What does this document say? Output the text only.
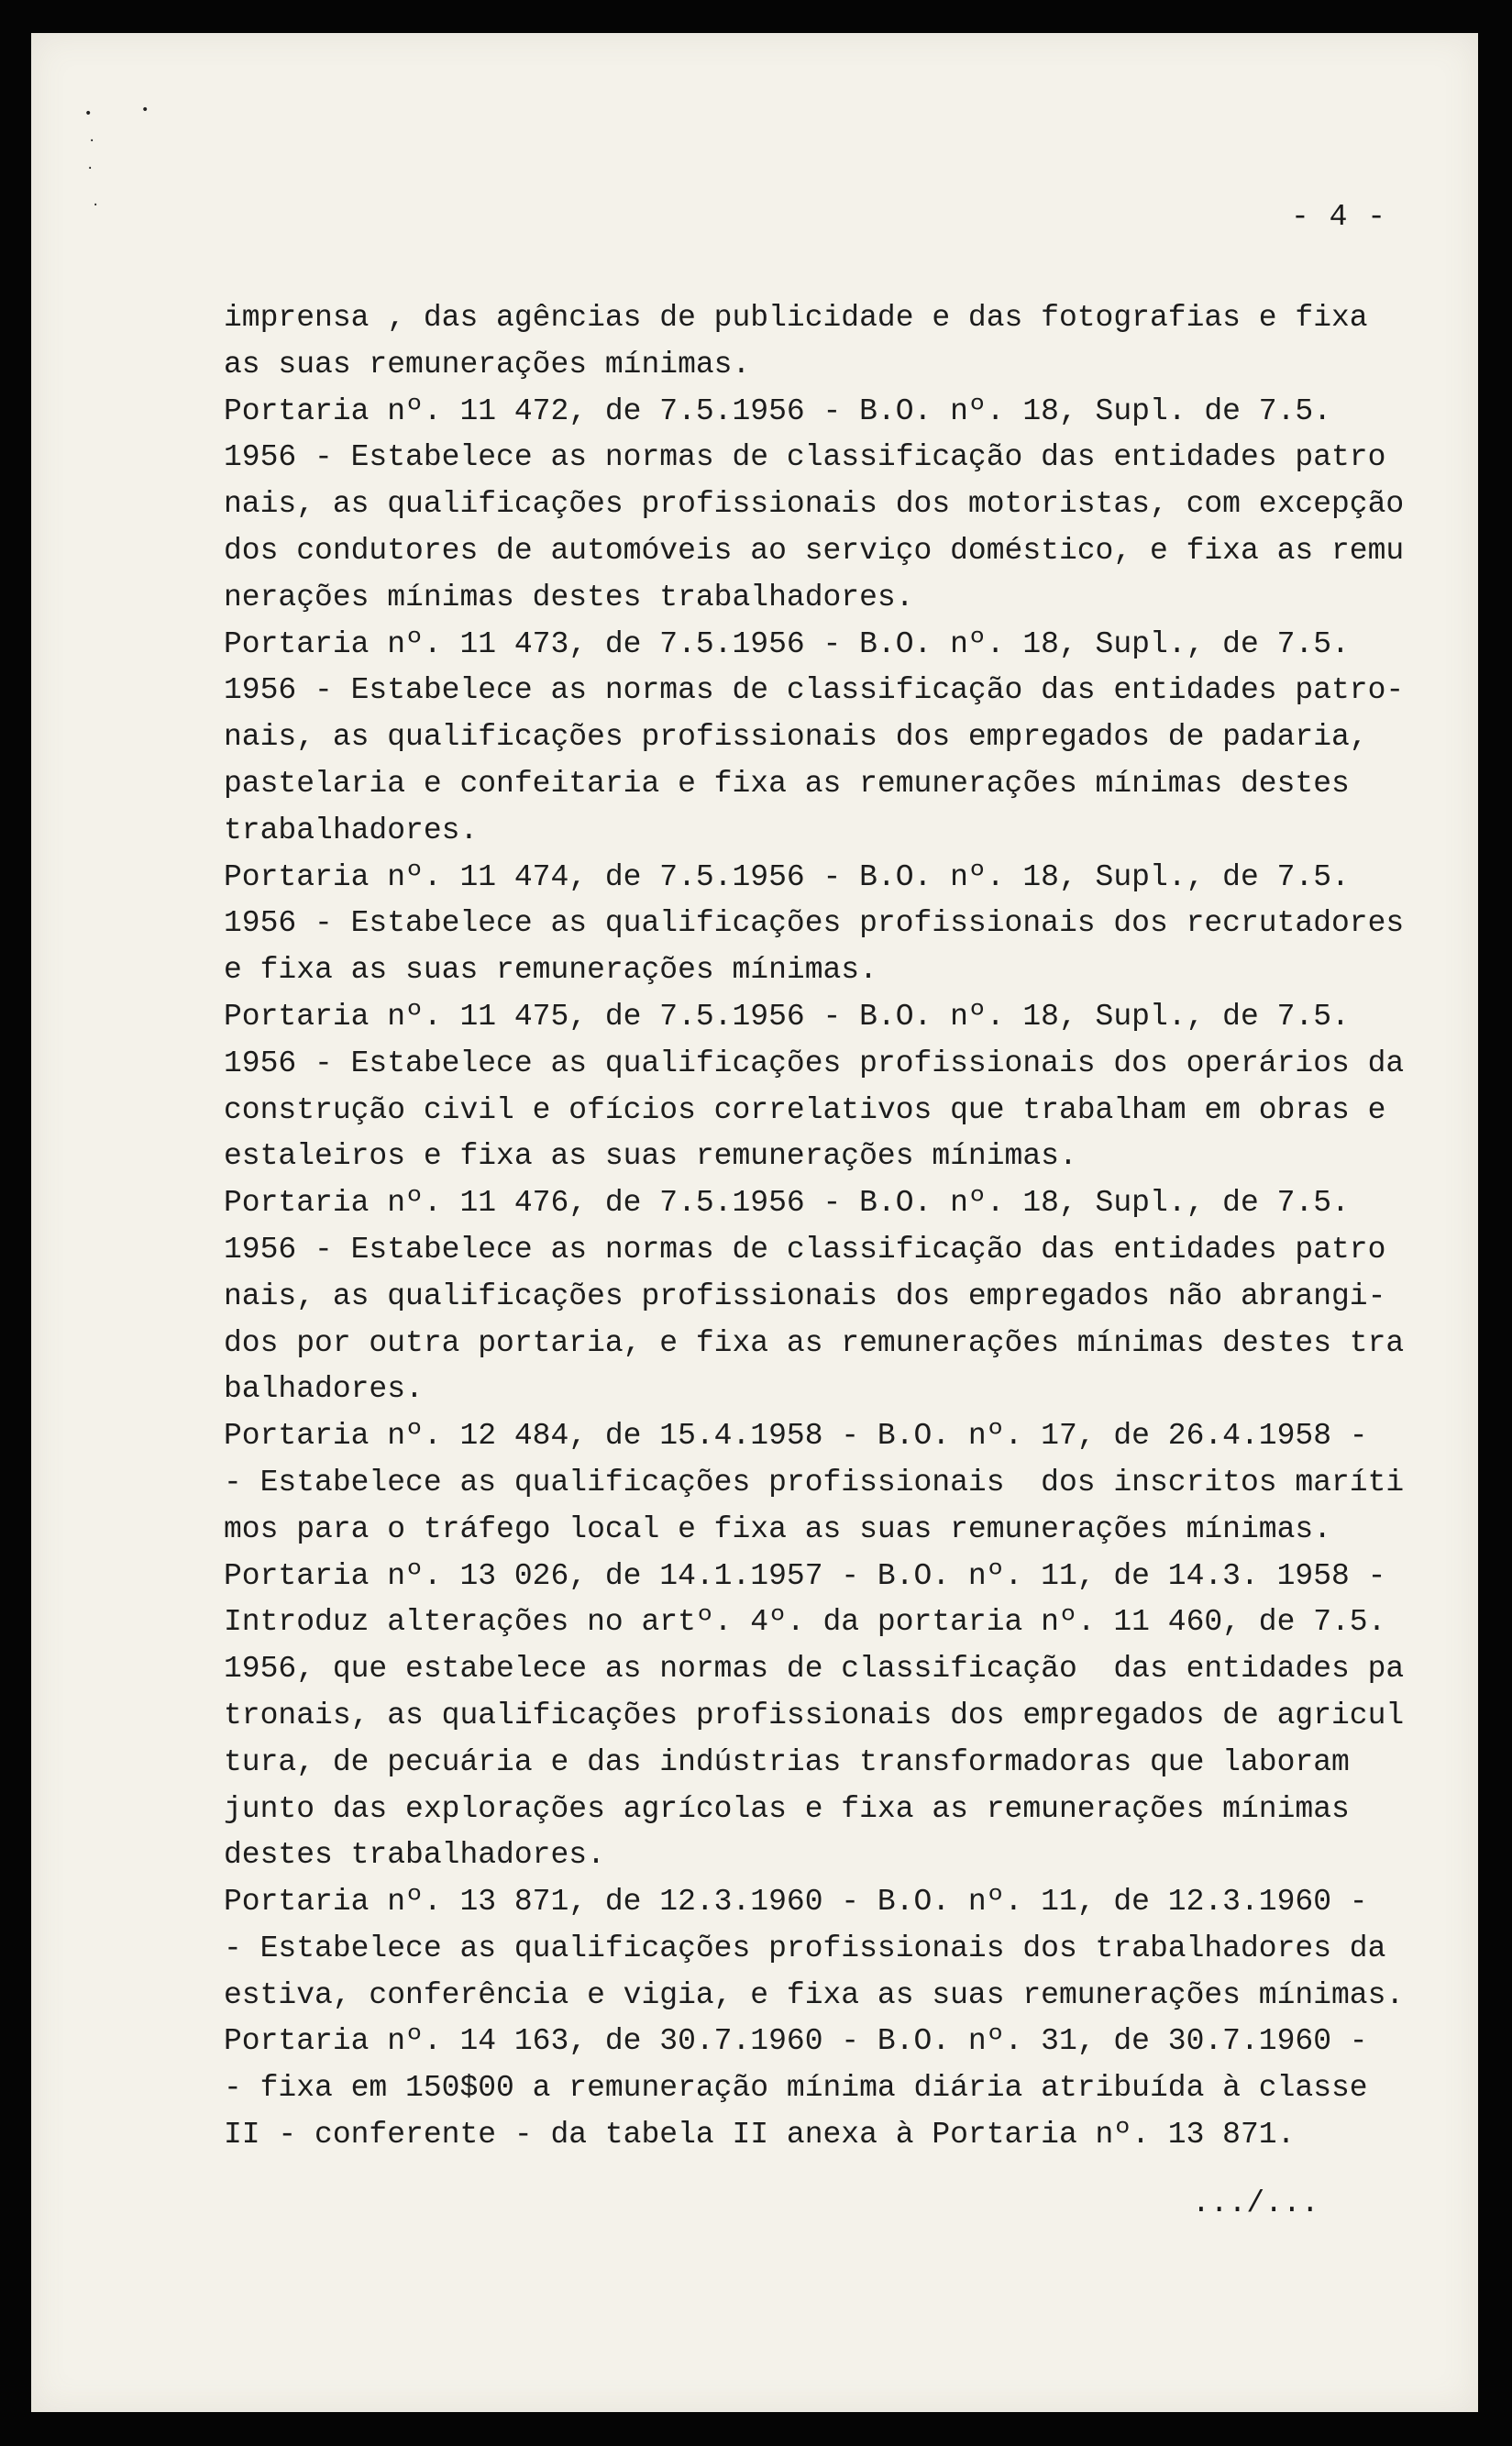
•	•
·
·
·	- 4 -
imprensa , das agências de publicidade e das fotografias e fixa
as suas remunerações mínimas.
Portaria nº. 11 472, de 7.5.1956 - B.O. nº. 18, Supl. de 7.5.
1956 - Estabelece as normas de classificação das entidades patro
nais, as qualificações profissionais dos motoristas, com excepção
dos condutores de automóveis ao serviço doméstico, e fixa as remu
nerações mínimas destes trabalhadores.
Portaria nº. 11 473, de 7.5.1956 - B.O. nº. 18, Supl., de 7.5.
1956 - Estabelece as normas de classificação das entidades patro-
nais, as qualificações profissionais dos empregados de padaria,
pastelaria e confeitaria e fixa as remunerações mínimas destes
trabalhadores.
Portaria nº. 11 474, de 7.5.1956 - B.O. nº. 18, Supl., de 7.5.
1956 - Estabelece as qualificações profissionais dos recrutadores
e fixa as suas remunerações mínimas.
Portaria nº. 11 475, de 7.5.1956 - B.O. nº. 18, Supl., de 7.5.
1956 - Estabelece as qualificações profissionais dos operários da
construção civil e ofícios correlativos que trabalham em obras e
estaleiros e fixa as suas remunerações mínimas.
Portaria nº. 11 476, de 7.5.1956 - B.O. nº. 18, Supl., de 7.5.
1956 - Estabelece as normas de classificação das entidades patro
nais, as qualificações profissionais dos empregados não abrangi-
dos por outra portaria, e fixa as remunerações mínimas destes tra
balhadores.
Portaria nº. 12 484, de 15.4.1958 - B.O. nº. 17, de 26.4.1958 -
- Estabelece as qualificações profissionais  dos inscritos maríti
mos para o tráfego local e fixa as suas remunerações mínimas.
Portaria nº. 13 026, de 14.1.1957 - B.O. nº. 11, de 14.3. 1958 -
Introduz alterações no artº. 4º. da portaria nº. 11 460, de 7.5.
1956, que estabelece as normas de classificação  das entidades pa
tronais, as qualificações profissionais dos empregados de agricul
tura, de pecuária e das indústrias transformadoras que laboram
junto das explorações agrícolas e fixa as remunerações mínimas
destes trabalhadores.
Portaria nº. 13 871, de 12.3.1960 - B.O. nº. 11, de 12.3.1960 -
- Estabelece as qualificações profissionais dos trabalhadores da
estiva, conferência e vigia, e fixa as suas remunerações mínimas.
Portaria nº. 14 163, de 30.7.1960 - B.O. nº. 31, de 30.7.1960 -
- fixa em 150$00 a remuneração mínima diária atribuída à classe
II - conferente - da tabela II anexa à Portaria nº. 13 871.

.../...
